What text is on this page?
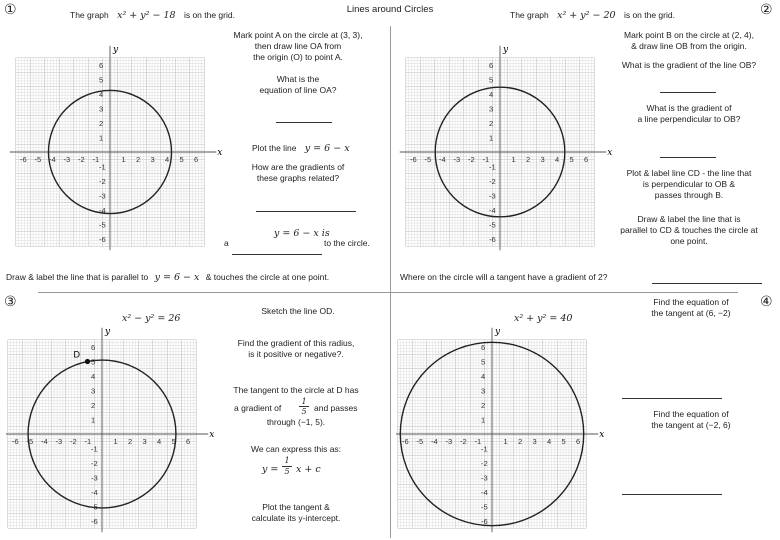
Lines around Circles
①	The graph x² + y² − 18 is on the grid.
y
x
-6
-6
-5
-5
-4
-4
-3
-3
-2
-2
-1
-1
1
1
2
2
3
3
4
4
5
5
6
6
Mark point A on the circle at (3, 3),
then draw line OA from
the origin (O) to point A.
What is the
equation of line OA?
Plot the line y = 6 − x
How are the gradients of
these graphs related?
a
y = 6 − x is
to the circle.
Draw & label the line that is parallel to y = 6 − x & touches the circle at one point.
②
The graph x² + y² − 20 is on the grid.
y
x
-6
-6
-5
-5
-4
-4
-3
-3
-2
-2
-1
-1
1
1
2
2
3
3
4
4
5
5
6
6
Mark point B on the circle at (2, 4),
& draw line OB from the origin.
What is the gradient of the line OB?
What is the gradient of
a line perpendicular to OB?
Plot & label line CD - the line that
is perpendicular to OB &
passes through B.
Draw & label the line that is
parallel to CD & touches the circle at
one point.
Where on the circle will a tangent have a gradient of 2?
③
x² − y² = 26
y
x
-6
-6
-5
-5
-4
-4
-3
-3
-2
-2
-1
-1
1
1
2
2
3
3
4
4
5
5
6
6
D
Sketch the line OD.
Find the gradient of this radius,
is it positive or negative?.
The tangent to the circle at D has
a gradient of
1
5 and passes
through (−1, 5).
We can express this as:
y =
1
5 x + c
Plot the tangent &
calculate its y-intercept.
④
x² + y² = 40
y
x
-6
-6
-5
-5
-4
-4
-3
-3
-2
-2
-1
-1
1
1
2
2
3
3
4
4
5
5
6
6
Find the equation of
the tangent at (6, −2)
Find the equation of
the tangent at (−2, 6)
